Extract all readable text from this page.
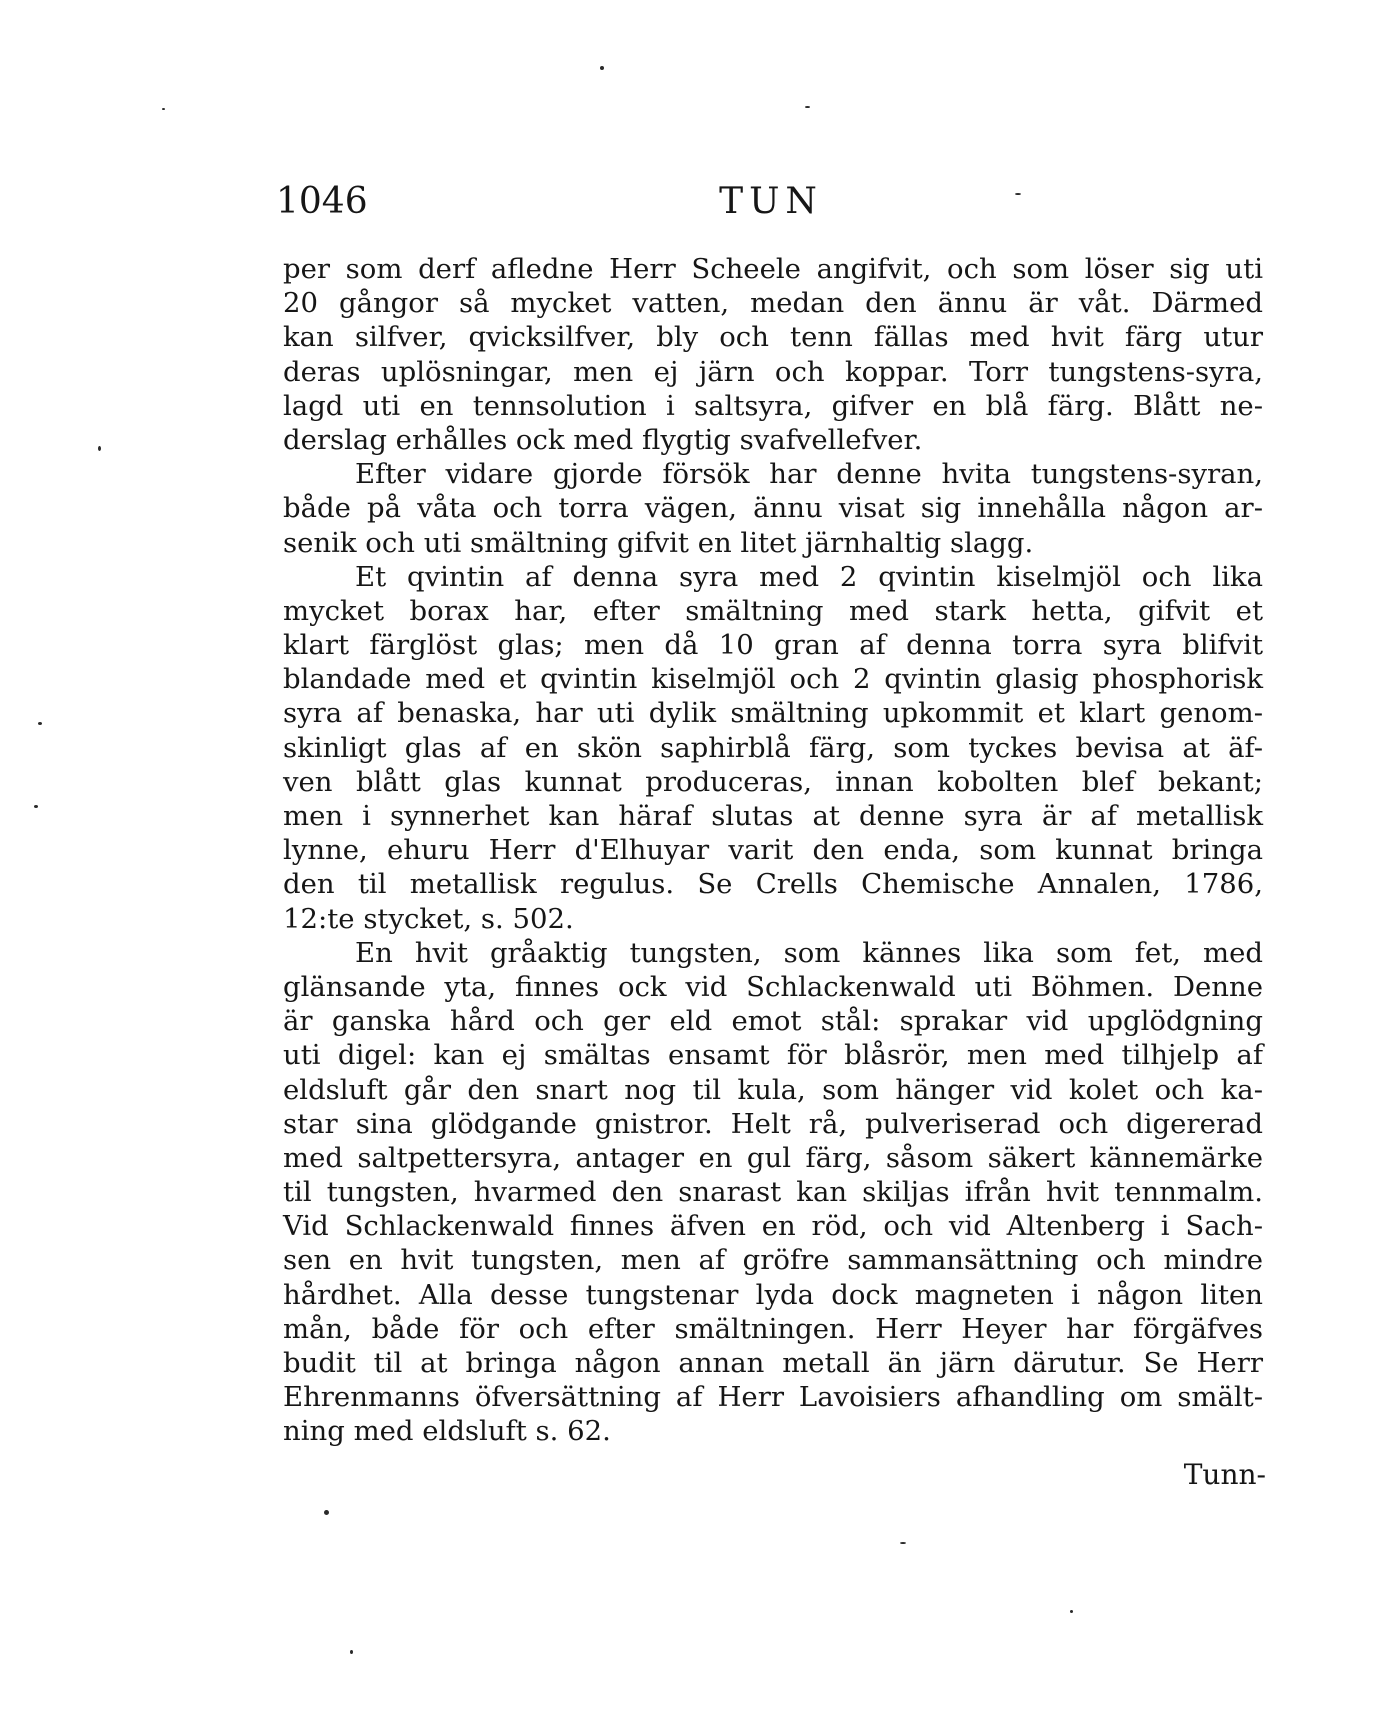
1046	TUN
per som derf afledne Herr Scheele angifvit, och som löser sig uti
20 gångor så mycket vatten, medan den ännu är våt. Därmed
kan silfver, qvicksilfver, bly och tenn fällas med hvit färg utur
deras uplösningar, men ej järn och koppar. Torr tungstens-syra,
lagd uti en tennsolution i saltsyra, gifver en blå färg. Blått ne-
derslag erhålles ock med flygtig svafvellefver.
Efter vidare gjorde försök har denne hvita tungstens-syran,
både på våta och torra vägen, ännu visat sig innehålla någon ar-
senik och uti smältning gifvit en litet järnhaltig slagg.
Et qvintin af denna syra med 2 qvintin kiselmjöl och lika
mycket borax har, efter smältning med stark hetta, gifvit et
klart färglöst glas; men då 10 gran af denna torra syra blifvit
blandade med et qvintin kiselmjöl och 2 qvintin glasig phosphorisk
syra af benaska, har uti dylik smältning upkommit et klart genom-
skinligt glas af en skön saphirblå färg, som tyckes bevisa at äf-
ven blått glas kunnat produceras, innan kobolten blef bekant;
men i synnerhet kan häraf slutas at denne syra är af metallisk
lynne, ehuru Herr d'Elhuyar varit den enda, som kunnat bringa
den til metallisk regulus. Se Crells Chemische Annalen, 1786,
12:te stycket, s. 502.
En hvit gråaktig tungsten, som kännes lika som fet, med
glänsande yta, finnes ock vid Schlackenwald uti Böhmen. Denne
är ganska hård och ger eld emot stål: sprakar vid upglödgning
uti digel: kan ej smältas ensamt för blåsrör, men med tilhjelp af
eldsluft går den snart nog til kula, som hänger vid kolet och ka-
star sina glödgande gnistror. Helt rå, pulveriserad och digererad
med saltpettersyra, antager en gul färg, såsom säkert kännemärke
til tungsten, hvarmed den snarast kan skiljas ifrån hvit tennmalm.
Vid Schlackenwald finnes äfven en röd, och vid Altenberg i Sach-
sen en hvit tungsten, men af gröfre sammansättning och mindre
hårdhet. Alla desse tungstenar lyda dock magneten i någon liten
mån, både för och efter smältningen. Herr Heyer har förgäfves
budit til at bringa någon annan metall än järn därutur. Se Herr
Ehrenmanns öfversättning af Herr Lavoisiers afhandling om smält-
ning med eldsluft s. 62.
Tunn-
